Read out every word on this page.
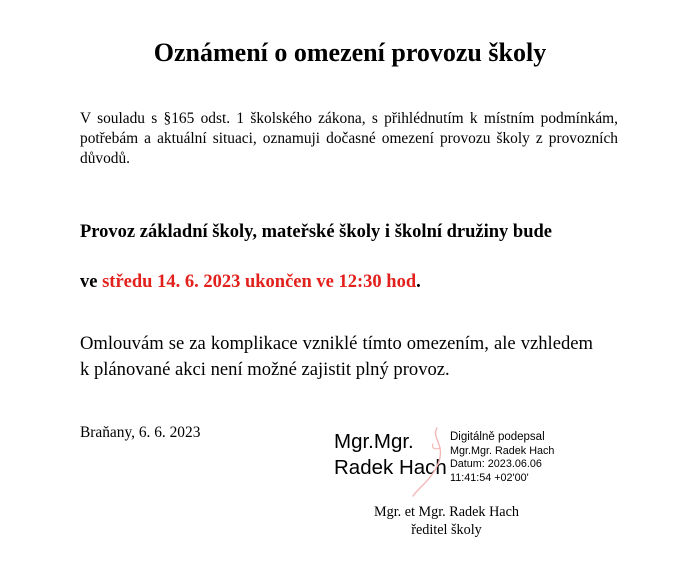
Oznámení o omezení provozu školy
V souladu s §165 odst. 1 školského zákona, s přihlédnutím k místním podmínkám, potřebám a aktuální situaci, oznamuji dočasné omezení provozu školy z provozních důvodů.
Provoz základní školy, mateřské školy i školní družiny bude
ve středu 14. 6. 2023 ukončen ve 12:30 hod.
Omlouvám se za komplikace vzniklé tímto omezením, ale vzhledem k plánované akci není možné zajistit plný provoz.
Braňany, 6. 6. 2023	Mgr.Mgr.
Radek Hach
Digitálně podepsal
Mgr.Mgr. Radek Hach
Datum: 2023.06.06
11:41:54 +02'00'
Mgr. et Mgr. Radek Hach
ředitel školy
